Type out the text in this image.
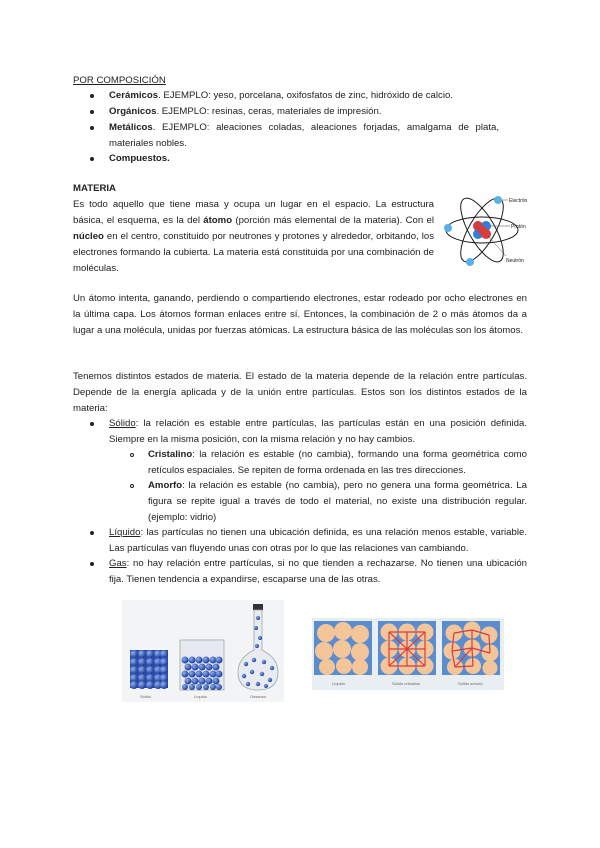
POR COMPOSICIÓN

Cerámicos. EJEMPLO: yeso, porcelana, oxifosfatos de zinc, hidróxido de calcio.

Orgánicos. EJEMPLO: resinas, ceras, materiales de impresión.

Metálicos. EJEMPLO: aleaciones coladas, aleaciones forjadas, amalgama de plata, materiales nobles.

Compuestos.

MATERIA

Es todo aquello que tiene masa y ocupa un lugar en el espacio. La estructura básica, el esquema, es la del átomo (porción más elemental de la materia). Con el núcleo en el centro, constituido por neutrones y protones y alrededor, orbitando, los electrones formando la cubierta. La materia está constituida por una combinación de moléculas.

Electrón
Protón
Neutrón

Un átomo intenta, ganando, perdiendo o compartiendo electrones, estar rodeado por ocho electrones en la última capa. Los átomos forman enlaces entre sí. Entonces, la combinación de 2 o más átomos da a lugar a una molécula, unidas por fuerzas atómicas. La estructura básica de las moléculas son los átomos.

Tenemos distintos estados de materia. El estado de la materia depende de la relación entre partículas. Depende de la energía aplicada y de la unión entre partículas. Estos son los distintos estados de la materia:

Sólido: la relación es estable entre partículas, las partículas están en una posición definida. Siempre en la misma posición, con la misma relación y no hay cambios.

Cristalino: la relación es estable (no cambia), formando una forma geométrica como retículos espaciales. Se repiten de forma ordenada en las tres direcciones.

Amorfo: la relación es estable (no cambia), pero no genera una forma geométrica. La figura se repite igual a través de todo el material, no existe una distribución regular. (ejemplo: vidrio)

Líquido: las partículas no tienen una ubicación definida, es una relación menos estable, variable. Las partículas van fluyendo unas con otras por lo que las relaciones van cambiando.

Gas: no hay relación entre partículas, si no que tienden a rechazarse. No tienen una ubicación fija. Tienen tendencia a expandirse, escaparse una de las otras.

Sólido	Líquido	Gaseoso
Líquido	Sólido cristalino	Sólido amorfo
